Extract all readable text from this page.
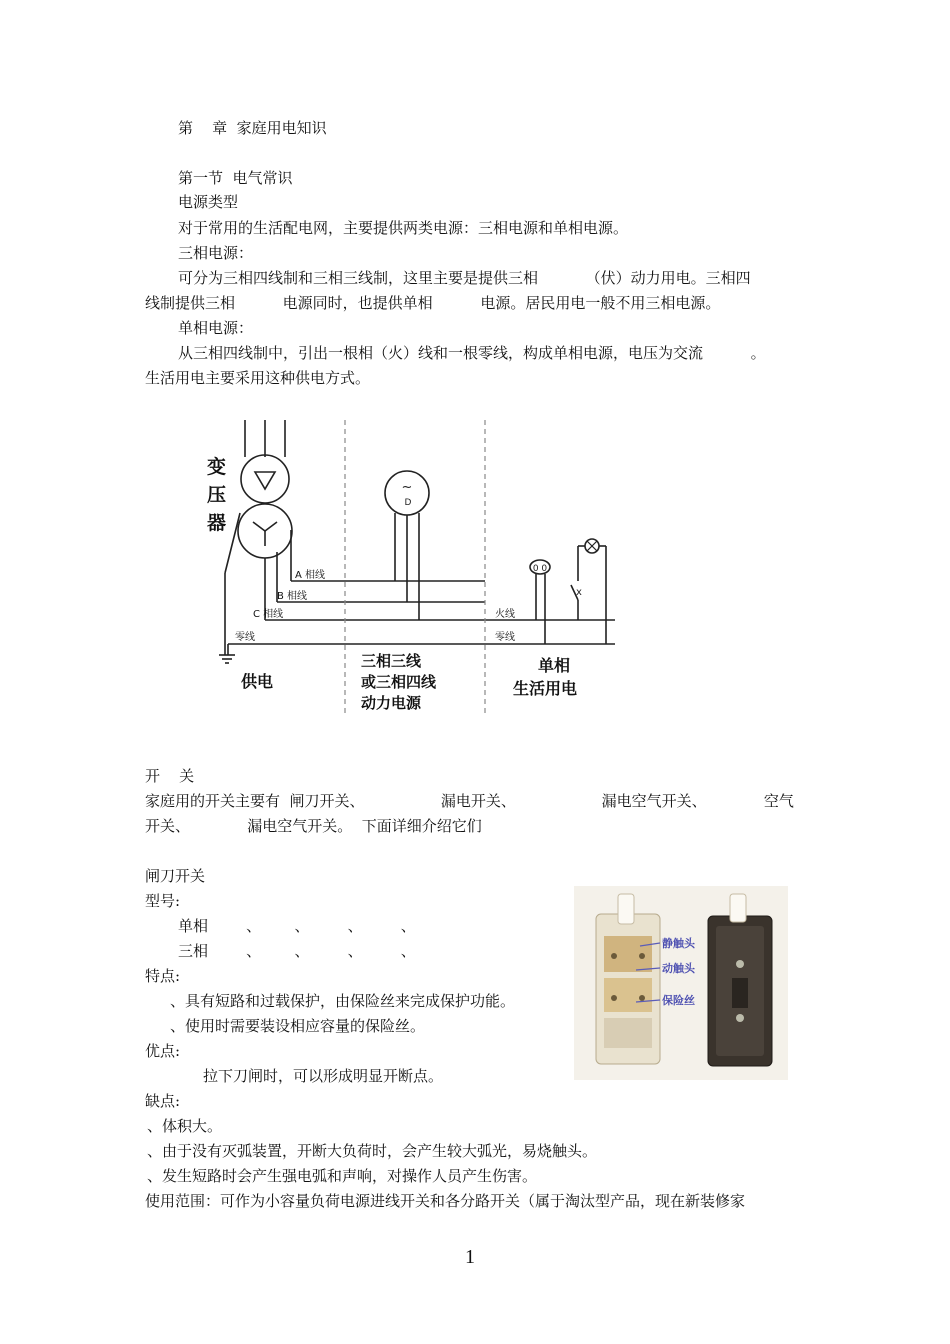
第    章  家庭用电知识
第一节  电气常识
电源类型
对于常用的生活配电网，主要提供两类电源：三相电源和单相电源。
三相电源：
可分为三相四线制和三相三线制，这里主要是提供三相          （伏）动力用电。三相四
线制提供三相          电源同时，也提供单相          电源。居民用电一般不用三相电源。
单相电源：
从三相四线制中，引出一根相（火）线和一根零线，构成单相电源，电压为交流          。
生活用电主要采用这种供电方式。
~
D
0 0
x
变
压
器
A 相线
B 相线
C 相线
零线
火线
零线
供电
三相三线
或三相四线
动力电源
单相
生活用电
开    关
家庭用的开关主要有  闸刀开关、                漏电开关、                  漏电空气开关、            空气
开关、            漏电空气开关。  下面详细介绍它们
闸刀开关
型号:
单相        、       、        、        、
三相        、       、        、        、
特点:
、具有短路和过载保护，由保险丝来完成保护功能。
、使用时需要装设相应容量的保险丝。
优点:
拉下刀闸时，可以形成明显开断点。
缺点:
、体积大。
、由于没有灭弧装置，开断大负荷时，会产生较大弧光，易烧触头。
、发生短路时会产生强电弧和声响，对操作人员产生伤害。
使用范围：可作为小容量负荷电源进线开关和各分路开关（属于淘汰型产品，现在新装修家
静触头
动触头
保险丝
1
